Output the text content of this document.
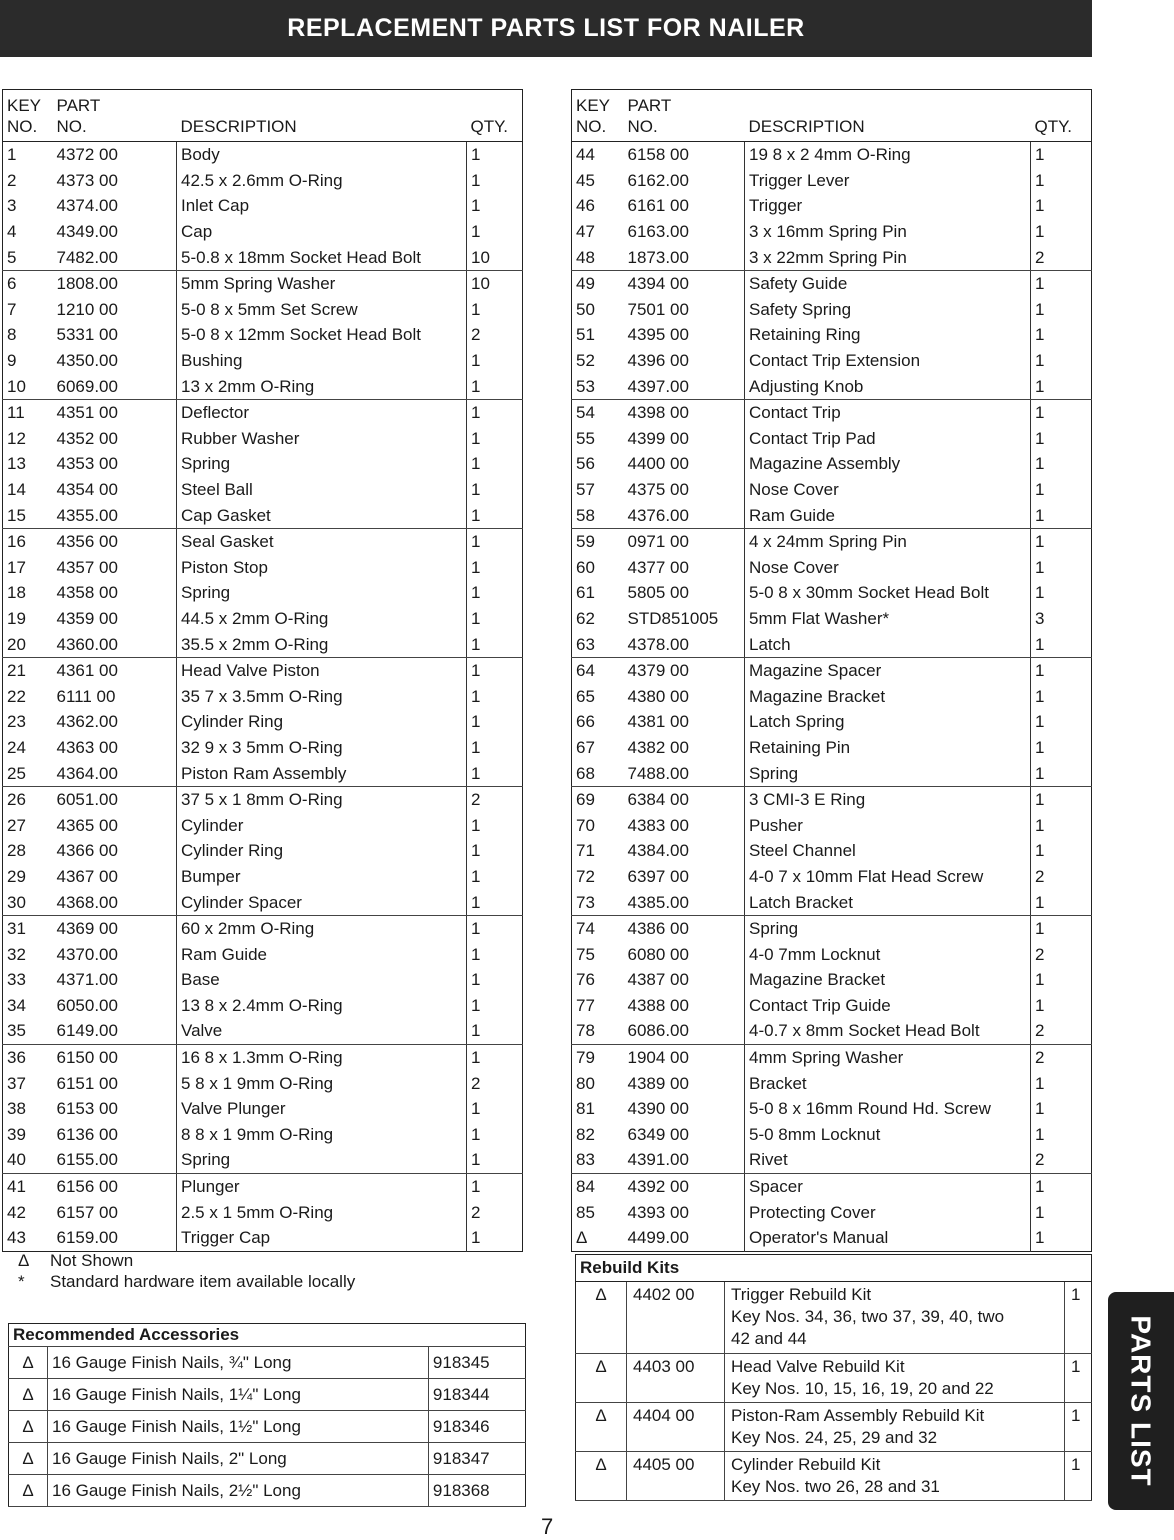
REPLACEMENT PARTS LIST FOR NAILER
KEY
NO.	PART
NO.	DESCRIPTION	QTY.
1	4372 00	Body	1
2	4373 00	42.5 x 2.6mm O-Ring	1
3	4374.00	Inlet Cap	1
4	4349.00	Cap	1
5	7482.00	5-0.8 x 18mm Socket Head Bolt	10
6	1808.00	5mm Spring Washer	10
7	1210 00	5-0 8 x 5mm Set Screw	1
8	5331 00	5-0 8 x 12mm Socket Head Bolt	2
9	4350.00	Bushing	1
10	6069.00	13 x 2mm O-Ring	1
11	4351 00	Deflector	1
12	4352 00	Rubber Washer	1
13	4353 00	Spring	1
14	4354 00	Steel Ball	1
15	4355.00	Cap Gasket	1
16	4356 00	Seal Gasket	1
17	4357 00	Piston Stop	1
18	4358 00	Spring	1
19	4359 00	44.5 x 2mm O-Ring	1
20	4360.00	35.5 x 2mm O-Ring	1
21	4361 00	Head Valve Piston	1
22	6111 00	35 7 x 3.5mm O-Ring	1
23	4362.00	Cylinder Ring	1
24	4363 00	32 9 x 3 5mm O-Ring	1
25	4364.00	Piston Ram Assembly	1
26	6051.00	37 5 x 1 8mm O-Ring	2
27	4365 00	Cylinder	1
28	4366 00	Cylinder Ring	1
29	4367 00	Bumper	1
30	4368.00	Cylinder Spacer	1
31	4369 00	60 x 2mm O-Ring	1
32	4370.00	Ram Guide	1
33	4371.00	Base	1
34	6050.00	13 8 x 2.4mm O-Ring	1
35	6149.00	Valve	1
36	6150 00	16 8 x 1.3mm O-Ring	1
37	6151 00	5 8 x 1 9mm O-Ring	2
38	6153 00	Valve Plunger	1
39	6136 00	8 8 x 1 9mm O-Ring	1
40	6155.00	Spring	1
41	6156 00	Plunger	1
42	6157 00	2.5 x 1 5mm O-Ring	2
43	6159.00	Trigger Cap	1
KEY
NO.	PART
NO.	DESCRIPTION	QTY.
44	6158 00	19 8 x 2 4mm O-Ring	1
45	6162.00	Trigger Lever	1
46	6161 00	Trigger	1
47	6163.00	3 x 16mm Spring Pin	1
48	1873.00	3 x 22mm Spring Pin	2
49	4394 00	Safety Guide	1
50	7501 00	Safety Spring	1
51	4395 00	Retaining Ring	1
52	4396 00	Contact Trip Extension	1
53	4397.00	Adjusting Knob	1
54	4398 00	Contact Trip	1
55	4399 00	Contact Trip Pad	1
56	4400 00	Magazine Assembly	1
57	4375 00	Nose Cover	1
58	4376.00	Ram Guide	1
59	0971 00	4 x 24mm Spring Pin	1
60	4377 00	Nose Cover	1
61	5805 00	5-0 8 x 30mm Socket Head Bolt	1
62	STD851005	5mm Flat Washer*	3
63	4378.00	Latch	1
64	4379 00	Magazine Spacer	1
65	4380 00	Magazine Bracket	1
66	4381 00	Latch Spring	1
67	4382 00	Retaining Pin	1
68	7488.00	Spring	1
69	6384 00	3 CMI-3 E Ring	1
70	4383 00	Pusher	1
71	4384.00	Steel Channel	1
72	6397 00	4-0 7 x 10mm Flat Head Screw	2
73	4385.00	Latch Bracket	1
74	4386 00	Spring	1
75	6080 00	4-0 7mm Locknut	2
76	4387 00	Magazine Bracket	1
77	4388 00	Contact Trip Guide	1
78	6086.00	4-0.7 x 8mm Socket Head Bolt	2
79	1904 00	4mm Spring Washer	2
80	4389 00	Bracket	1
81	4390 00	5-0 8 x 16mm Round Hd. Screw	1
82	6349 00	5-0 8mm Locknut	1
83	4391.00	Rivet	2
84	4392 00	Spacer	1
85	4393 00	Protecting Cover	1
Δ	4499.00	Operator's Manual	1
Δ Not Shown
* Standard hardware item available locally
Recommended Accessories		
Δ	16 Gauge Finish Nails, ¾" Long	918345
Δ	16 Gauge Finish Nails, 1¼" Long	918344
Δ	16 Gauge Finish Nails, 1½" Long	918346
Δ	16 Gauge Finish Nails, 2" Long	918347
Δ	16 Gauge Finish Nails, 2½" Long	918368
Rebuild Kits			
Δ	4402 00	Trigger Rebuild Kit
Key Nos. 34, 36, two 37, 39, 40, two 42 and 44	1
Δ	4403 00	Head Valve Rebuild Kit
Key Nos. 10, 15, 16, 19, 20 and 22	1
Δ	4404 00	Piston-Ram Assembly Rebuild Kit
Key Nos. 24, 25, 29 and 32	1
Δ	4405 00	Cylinder Rebuild Kit
Key Nos. two 26, 28 and 31	1
7
PARTS LIST
